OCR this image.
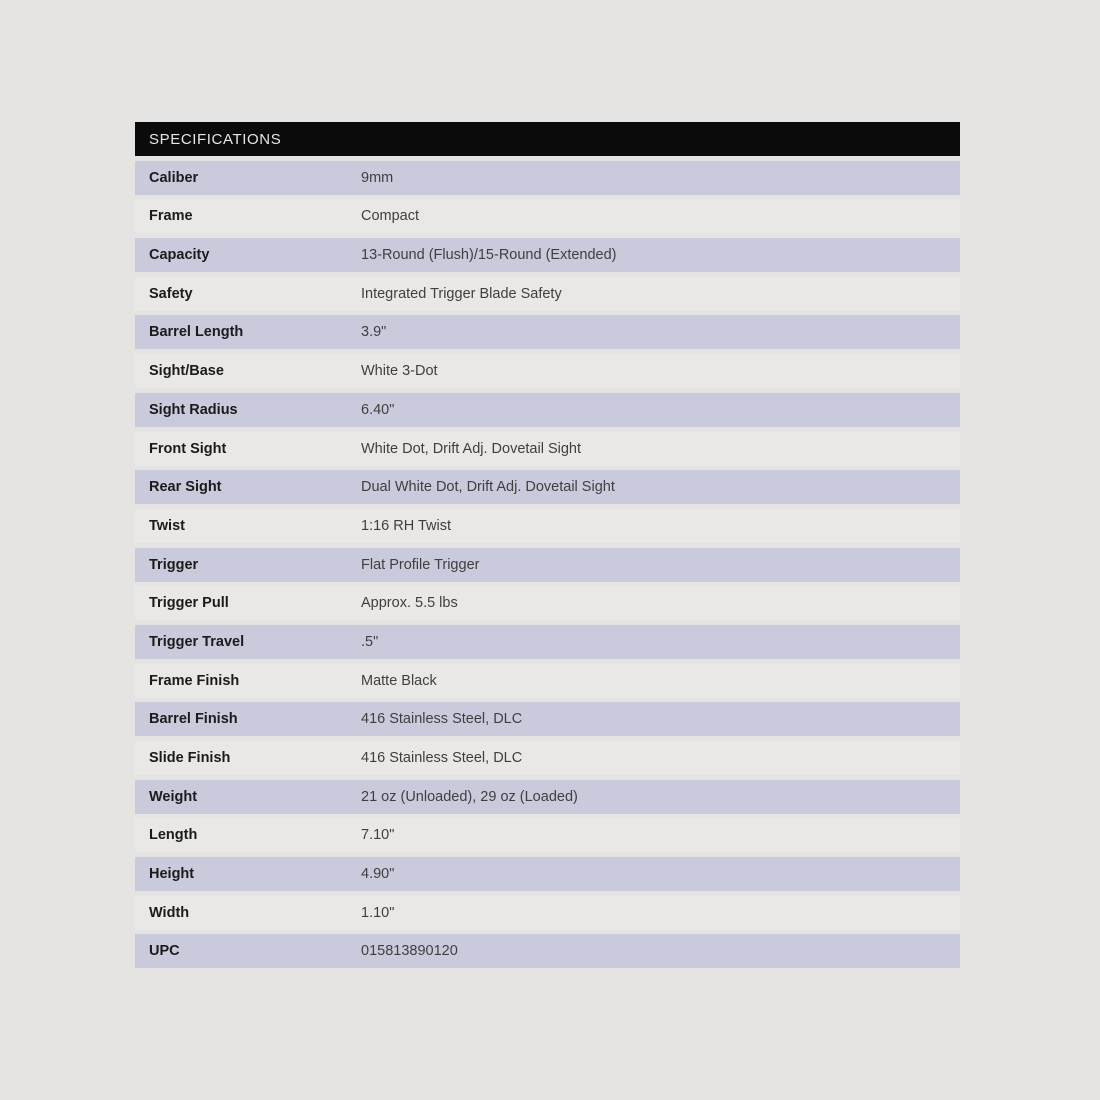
SPECIFICATIONS
Caliber	9mm
Frame	Compact
Capacity	13-Round (Flush)/15-Round (Extended)
Safety	Integrated Trigger Blade Safety
Barrel Length	3.9"
Sight/Base	White 3-Dot
Sight Radius	6.40"
Front Sight	White Dot, Drift Adj. Dovetail Sight
Rear Sight	Dual White Dot, Drift Adj. Dovetail Sight
Twist	1:16 RH Twist
Trigger	Flat Profile Trigger
Trigger Pull	Approx. 5.5 lbs
Trigger Travel	.5"
Frame Finish	Matte Black
Barrel Finish	416 Stainless Steel, DLC
Slide Finish	416 Stainless Steel, DLC
Weight	21 oz (Unloaded), 29 oz (Loaded)
Length	7.10"
Height	4.90"
Width	1.10"
UPC	015813890120
